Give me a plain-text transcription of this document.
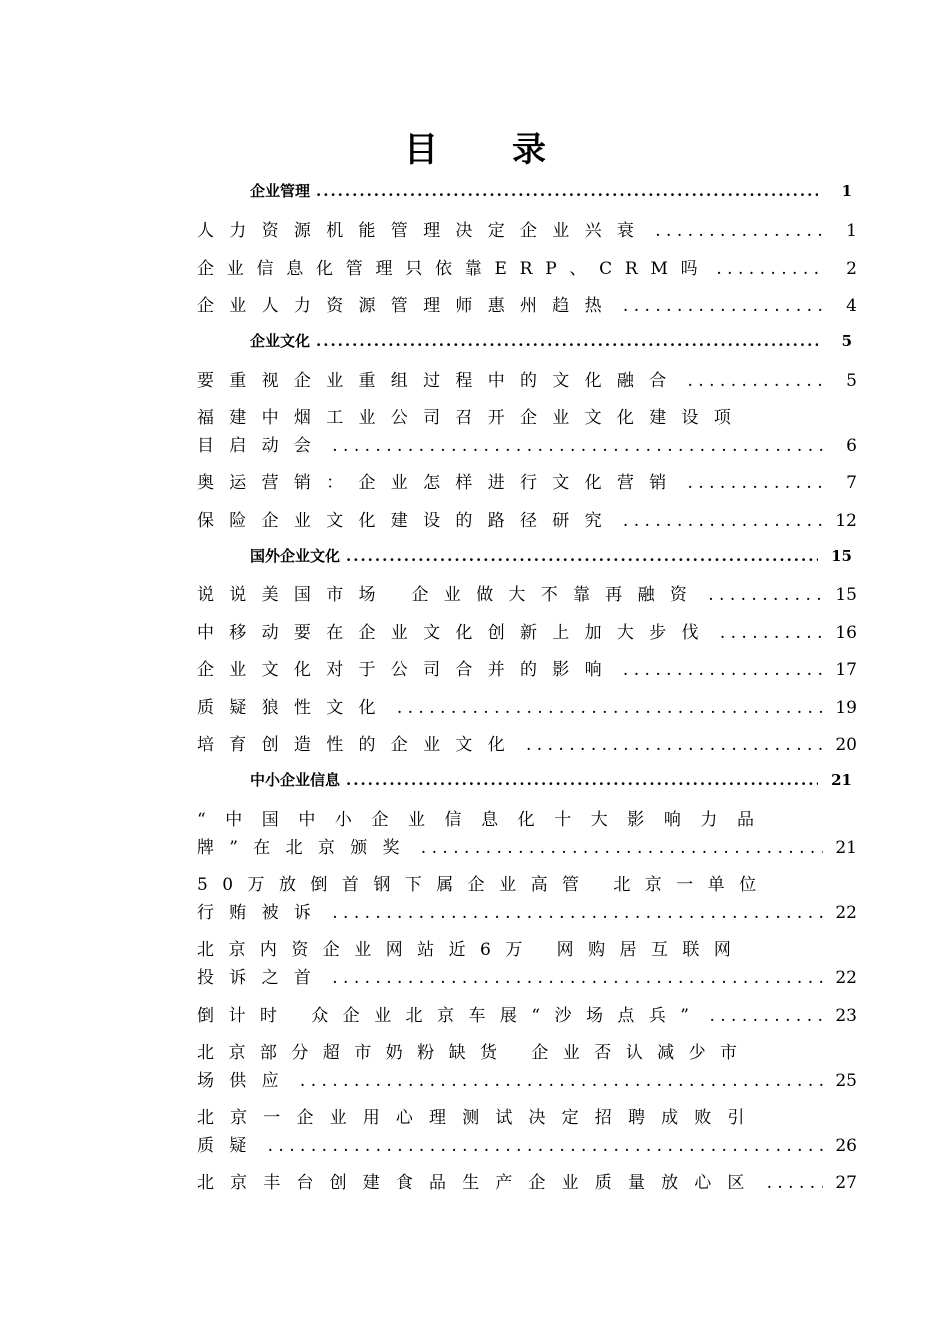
目 录
企业管理 .....	1
人力资源机能管理决定企业兴衰 . . .	1
企业信息化管理只依靠ERP、CRM吗 . . .	2
企业人力资源管理师惠州趋热 . . .	4
企业文化 .....	5
要重视企业重组过程中的文化融合 . . .	5
福建中烟工业公司召开企业文化建设项
目启动会 . . .	6
奥运营销：企业怎样进行文化营销 . . .	7
保险企业文化建设的路径研究 . . .	12
国外企业文化 .....	15
说说美国市场 企业做大不靠再融资 . . .	15
中移动要在企业文化创新上加大步伐 . . .	16
企业文化对于公司合并的影响 . . .	17
质疑狼性文化 . . .	19
培育创造性的企业文化 . . .	20
中小企业信息 .....	21
“中国中小企业信息化十大影响力品
牌”在北京颁奖 . . .	21
50万放倒首钢下属企业高管 北京一单位
行贿被诉 . . .	22
北京内资企业网站近6万 网购居互联网
投诉之首 . . .	22
倒计时 众企业北京车展“沙场点兵” . . .	23
北京部分超市奶粉缺货 企业否认减少市
场供应 . . .	25
北京一企业用心理测试决定招聘成败引
质疑 . . .	26
北京丰台创建食品生产企业质量放心区 . . .	27
